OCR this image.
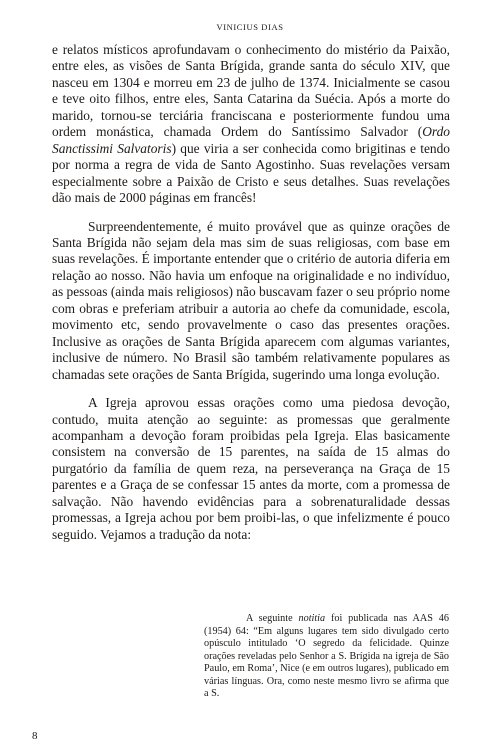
VINICIUS DIAS

e relatos místicos aprofundavam o conhecimento do mistério da Paixão, entre eles, as visões de Santa Brígida, grande santa do século XIV, que nasceu em 1304 e morreu em 23 de julho de 1374. Inicialmente se casou e teve oito filhos, entre eles, Santa Catarina da Suécia. Após a morte do marido, tornou-se terciária franciscana e posteriormente fundou uma ordem monástica, chamada Ordem do Santíssimo Salvador (Ordo Sanctissimi Salvatoris) que viria a ser conhecida como brigitinas e tendo por norma a regra de vida de Santo Agostinho. Suas revelações versam especialmente sobre a Paixão de Cristo e seus detalhes. Suas revelações dão mais de 2000 páginas em francês!

Surpreendentemente, é muito provável que as quinze orações de Santa Brígida não sejam dela mas sim de suas religiosas, com base em suas revelações. É importante entender que o critério de autoria diferia em relação ao nosso. Não havia um enfoque na originalidade e no indivíduo, as pessoas (ainda mais religiosos) não buscavam fazer o seu próprio nome com obras e preferiam atribuir a autoria ao chefe da comunidade, escola, movimento etc, sendo provavelmente o caso das presentes orações. Inclusive as orações de Santa Brígida aparecem com algumas variantes, inclusive de número. No Brasil são também relativamente populares as chamadas sete orações de Santa Brígida, sugerindo uma longa evolução.

A Igreja aprovou essas orações como uma piedosa devoção, contudo, muita atenção ao seguinte: as promessas que geralmente acompanham a devoção foram proibidas pela Igreja. Elas basicamente consistem na conversão de 15 parentes, na saída de 15 almas do purgatório da família de quem reza, na perseverança na Graça de 15 parentes e a Graça de se confessar 15 antes da morte, com a promessa de salvação. Não havendo evidências para a sobrenaturalidade dessas promessas, a Igreja achou por bem proibi-las, o que infelizmente é pouco seguido. Vejamos a tradução da nota:

A seguinte notitia foi publicada nas AAS 46 (1954) 64: “Em alguns lugares tem sido divulgado certo opúsculo intitulado ‘O segredo da felicidade. Quinze orações reveladas pelo Senhor a S. Brígida na igreja de São Paulo, em Roma’, Nice (e em outros lugares), publicado em várias línguas. Ora, como neste mesmo livro se afirma que a S.

8
